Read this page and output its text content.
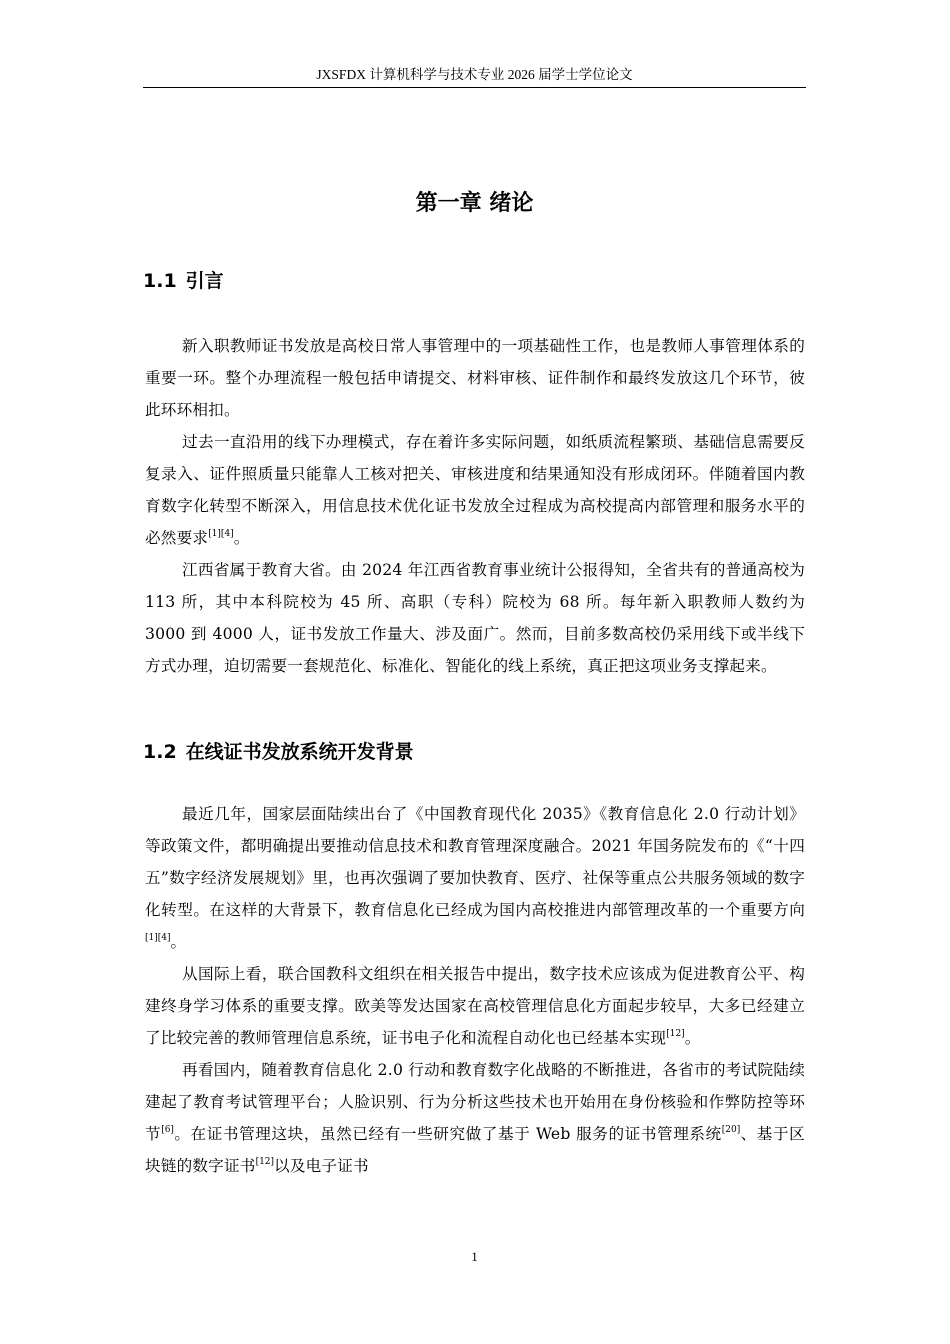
JXSFDX 计算机科学与技术专业 2026 届学士学位论文
第一章 绪论
1.1 引言

新入职教师证书发放是高校日常人事管理中的一项基础性工作，也是教师人事管理体系的重要一环。整个办理流程一般包括申请提交、材料审核、证件制作和最终发放这几个环节，彼此环环相扣。

过去一直沿用的线下办理模式，存在着许多实际问题，如纸质流程繁琐、基础信息需要反复录入、证件照质量只能靠人工核对把关、审核进度和结果通知没有形成闭环。伴随着国内教育数字化转型不断深入，用信息技术优化证书发放全过程成为高校提高内部管理和服务水平的必然要求[1][4]。

江西省属于教育大省。由 2024 年江西省教育事业统计公报得知，全省共有的普通高校为 113 所，其中本科院校为 45 所、高职（专科）院校为 68 所。每年新入职教师人数约为 3000 到 4000 人，证书发放工作量大、涉及面广。然而，目前多数高校仍采用线下或半线下方式办理，迫切需要一套规范化、标准化、智能化的线上系统，真正把这项业务支撑起来。

1.2 在线证书发放系统开发背景

最近几年，国家层面陆续出台了《中国教育现代化 2035》《教育信息化 2.0 行动计划》等政策文件，都明确提出要推动信息技术和教育管理深度融合。2021 年国务院发布的《“十四五”数字经济发展规划》里，也再次强调了要加快教育、医疗、社保等重点公共服务领域的数字化转型。在这样的大背景下，教育信息化已经成为国内高校推进内部管理改革的一个重要方向[1][4]。

从国际上看，联合国教科文组织在相关报告中提出，数字技术应该成为促进教育公平、构建终身学习体系的重要支撑。欧美等发达国家在高校管理信息化方面起步较早，大多已经建立了比较完善的教师管理信息系统，证书电子化和流程自动化也已经基本实现[12]。

再看国内，随着教育信息化 2.0 行动和教育数字化战略的不断推进，各省市的考试院陆续建起了教育考试管理平台；人脸识别、行为分析这些技术也开始用在身份核验和作弊防控等环节[6]。在证书管理这块，虽然已经有一些研究做了基于 Web 服务的证书管理系统[20]、基于区块链的数字证书[12]以及电子证书

1
